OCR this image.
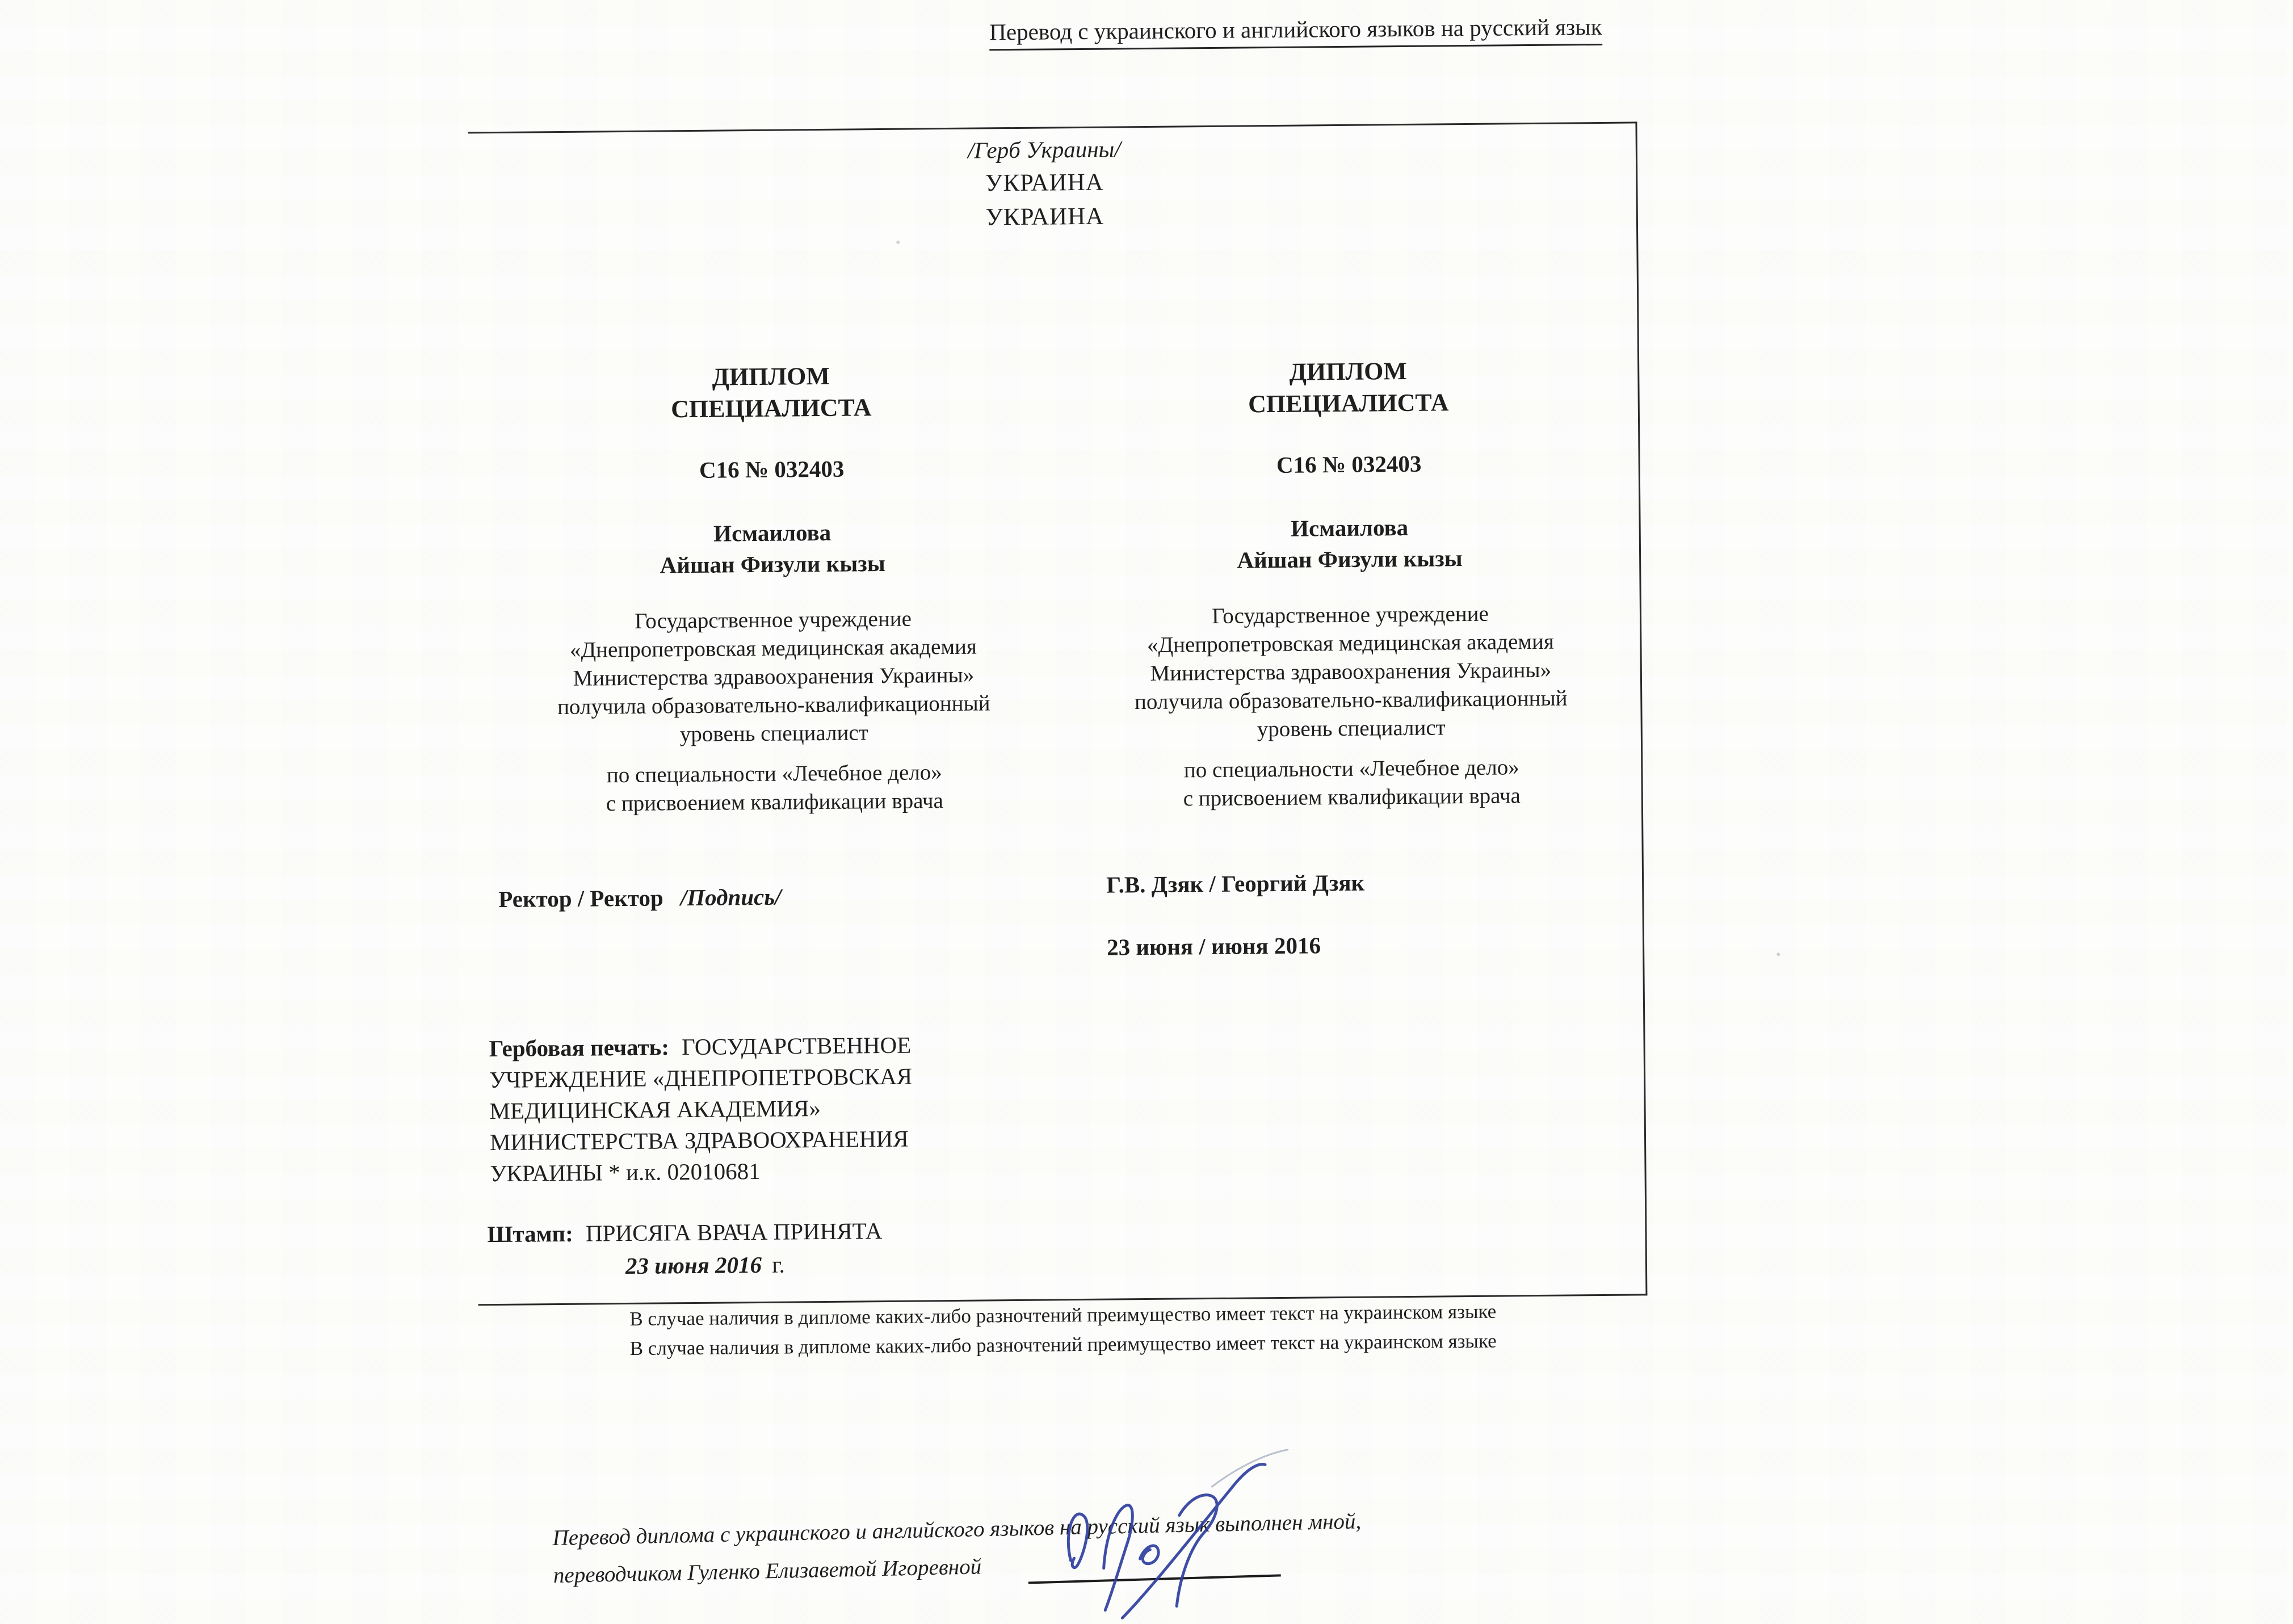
Перевод с украинского и английского языков на русский язык
/Герб Украины/
УКРАИНА
УКРАИНА
ДИПЛОМ
СПЕЦИАЛИСТА
С16 № 032403
Исмаилова
Айшан Физули кызы
Государственное учреждение
«Днепропетровская медицинская академия
Министерства здравоохранения Украины»
получила образовательно-квалификационный
уровень специалист
по специальности «Лечебное дело»
с присвоением квалификации врача
Ректор / Ректор /Подпись/
ДИПЛОМ
СПЕЦИАЛИСТА
С16 № 032403
Исмаилова
Айшан Физули кызы
Государственное учреждение
«Днепропетровская медицинская академия
Министерства здравоохранения Украины»
получила образовательно-квалификационный
уровень специалист
по специальности «Лечебное дело»
с присвоением квалификации врача
Г.В. Дзяк / Георгий Дзяк
23 июня / июня 2016
Гербовая печать: ГОСУДАРСТВЕННОЕ
УЧРЕЖДЕНИЕ «ДНЕПРОПЕТРОВСКАЯ
МЕДИЦИНСКАЯ АКАДЕМИЯ»
МИНИСТЕРСТВА ЗДРАВООХРАНЕНИЯ
УКРАИНЫ * и.к. 02010681
Штамп: ПРИСЯГА ВРАЧА ПРИНЯТА
23 июня 2016 г.
В случае наличия в дипломе каких-либо разночтений преимущество имеет текст на украинском языке
В случае наличия в дипломе каких-либо разночтений преимущество имеет текст на украинском языке
Перевод диплома с украинского и английского языков на русский язык выполнен мной,
переводчиком Гуленко Елизаветой Игоревной
